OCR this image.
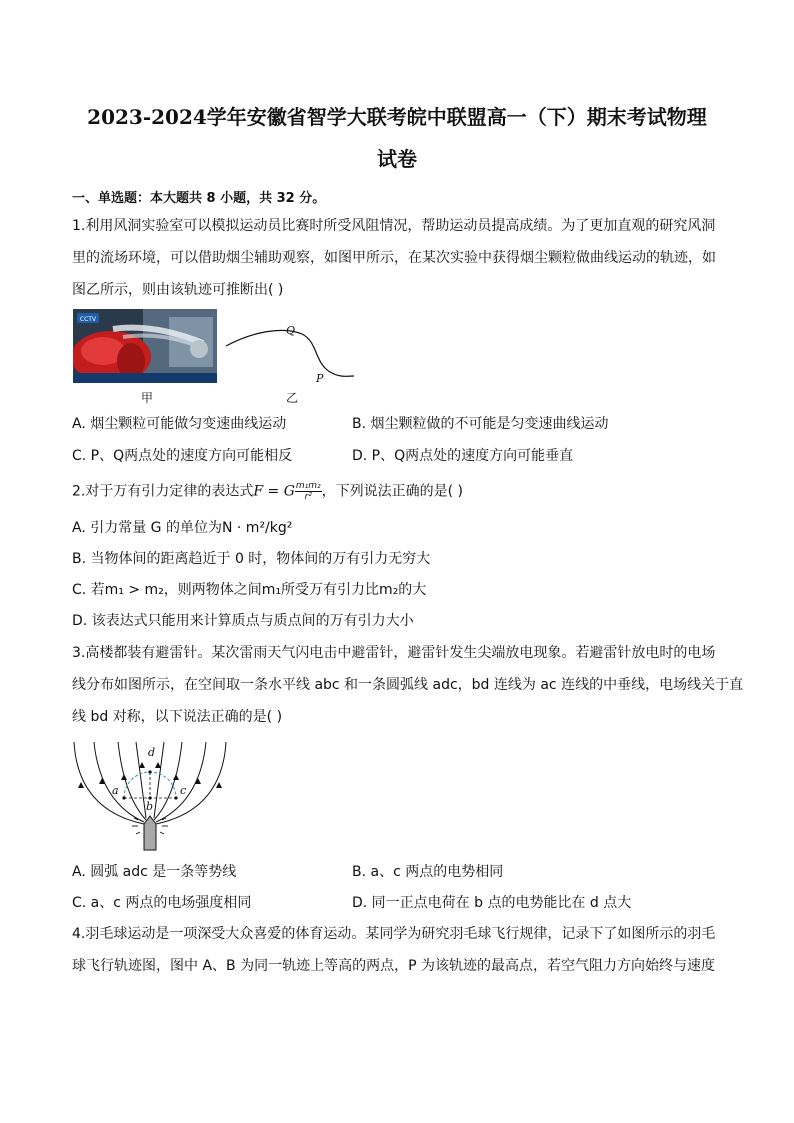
2023-2024学年安徽省智学大联考皖中联盟高一（下）期末考试物理
试卷
一、单选题：本大题共 8 小题，共 32 分。
1.利用风洞实验室可以模拟运动员比赛时所受风阻情况，帮助运动员提高成绩。为了更加直观的研究风洞
里的流场环境，可以借助烟尘辅助观察，如图甲所示，在某次实验中获得烟尘颗粒做曲线运动的轨迹，如
图乙所示，则由该轨迹可推断出( )
CCTV
甲
Q
P
乙
A. 烟尘颗粒可能做匀变速曲线运动	B. 烟尘颗粒做的不可能是匀变速曲线运动
C. P、Q两点处的速度方向可能相反	D. P、Q两点处的速度方向可能垂直
2.对于万有引力定律的表达式F = G $\frac{\text{m₁m₂}}{\text{r²}}$ ，下列说法正确的是( )
A. 引力常量 G 的单位为N · m²/kg²
B. 当物体间的距离趋近于 0 时，物体间的万有引力无穷大
C. 若m₁ > m₂，则两物体之间m₁所受万有引力比m₂的大
D. 该表达式只能用来计算质点与质点间的万有引力大小
3.高楼都装有避雷针。某次雷雨天气闪电击中避雷针，避雷针发生尖端放电现象。若避雷针放电时的电场
线分布如图所示，在空间取一条水平线 abc 和一条圆弧线 adc，bd 连线为 ac 连线的中垂线，电场线关于直
线 bd 对称，以下说法正确的是( )
a
b
c
d
A. 圆弧 adc 是一条等势线	B. a、c 两点的电势相同
C. a、c 两点的电场强度相同	D. 同一正点电荷在 b 点的电势能比在 d 点大
4.羽毛球运动是一项深受大众喜爱的体育运动。某同学为研究羽毛球飞行规律，记录下了如图所示的羽毛
球飞行轨迹图，图中 A、B 为同一轨迹上等高的两点，P 为该轨迹的最高点，若空气阻力方向始终与速度
